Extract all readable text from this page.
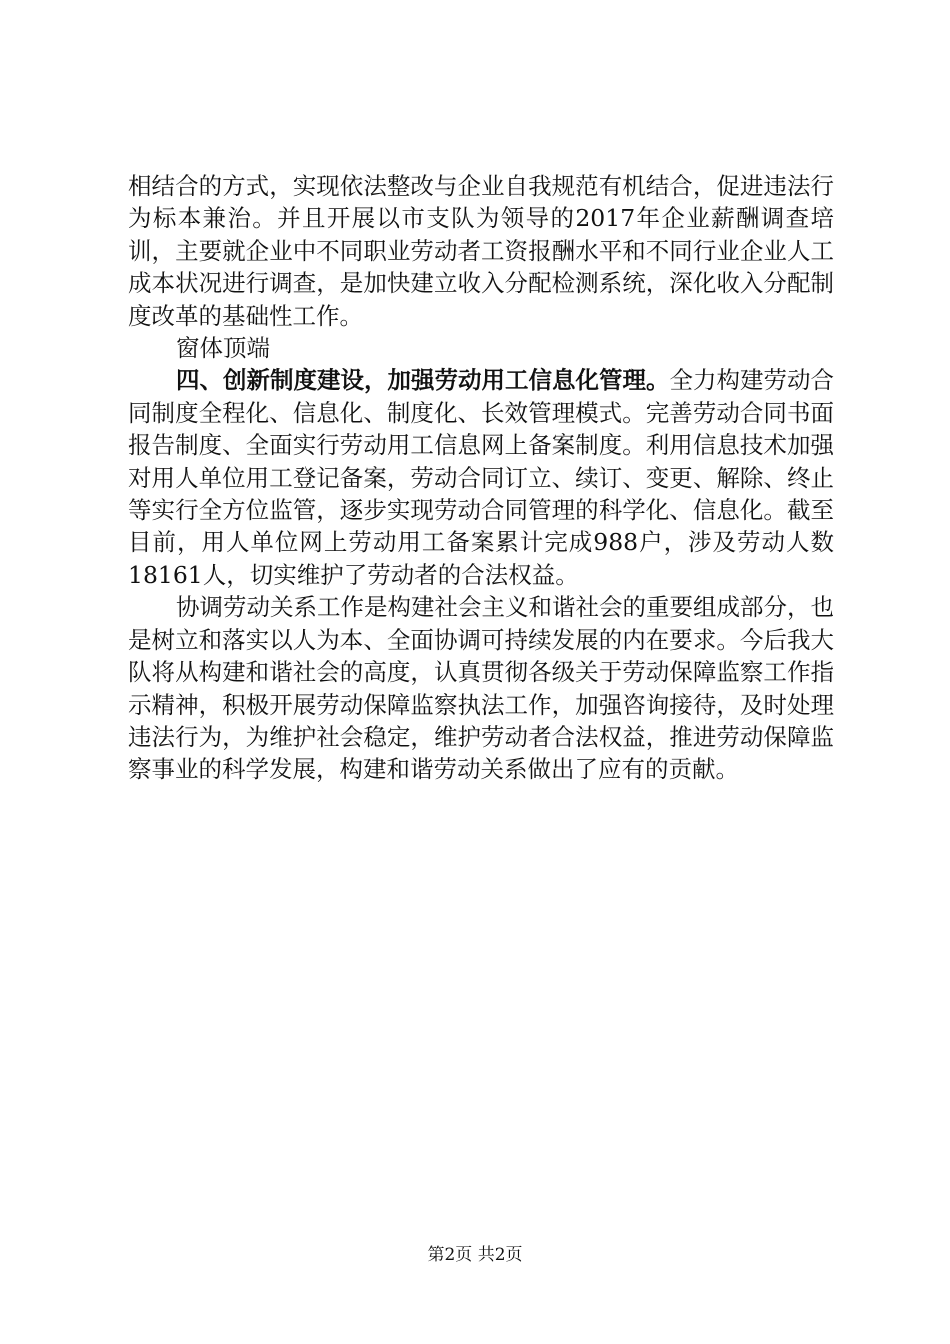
相结合的方式，实现依法整改与企业自我规范有机结合，促进违法行为标本兼治。并且开展以市支队为领导的2017年企业薪酬调查培训，主要就企业中不同职业劳动者工资报酬水平和不同行业企业人工成本状况进行调查，是加快建立收入分配检测系统，深化收入分配制度改革的基础性工作。

窗体顶端

四、创新制度建设，加强劳动用工信息化管理。全力构建劳动合同制度全程化、信息化、制度化、长效管理模式。完善劳动合同书面报告制度、全面实行劳动用工信息网上备案制度。利用信息技术加强对用人单位用工登记备案，劳动合同订立、续订、变更、解除、终止等实行全方位监管，逐步实现劳动合同管理的科学化、信息化。截至目前，用人单位网上劳动用工备案累计完成988户，涉及劳动人数18161人，切实维护了劳动者的合法权益。

协调劳动关系工作是构建社会主义和谐社会的重要组成部分，也是树立和落实以人为本、全面协调可持续发展的内在要求。今后我大队将从构建和谐社会的高度，认真贯彻各级关于劳动保障监察工作指示精神，积极开展劳动保障监察执法工作，加强咨询接待，及时处理违法行为，为维护社会稳定，维护劳动者合法权益，推进劳动保障监察事业的科学发展，构建和谐劳动关系做出了应有的贡献。

第2页 共2页
